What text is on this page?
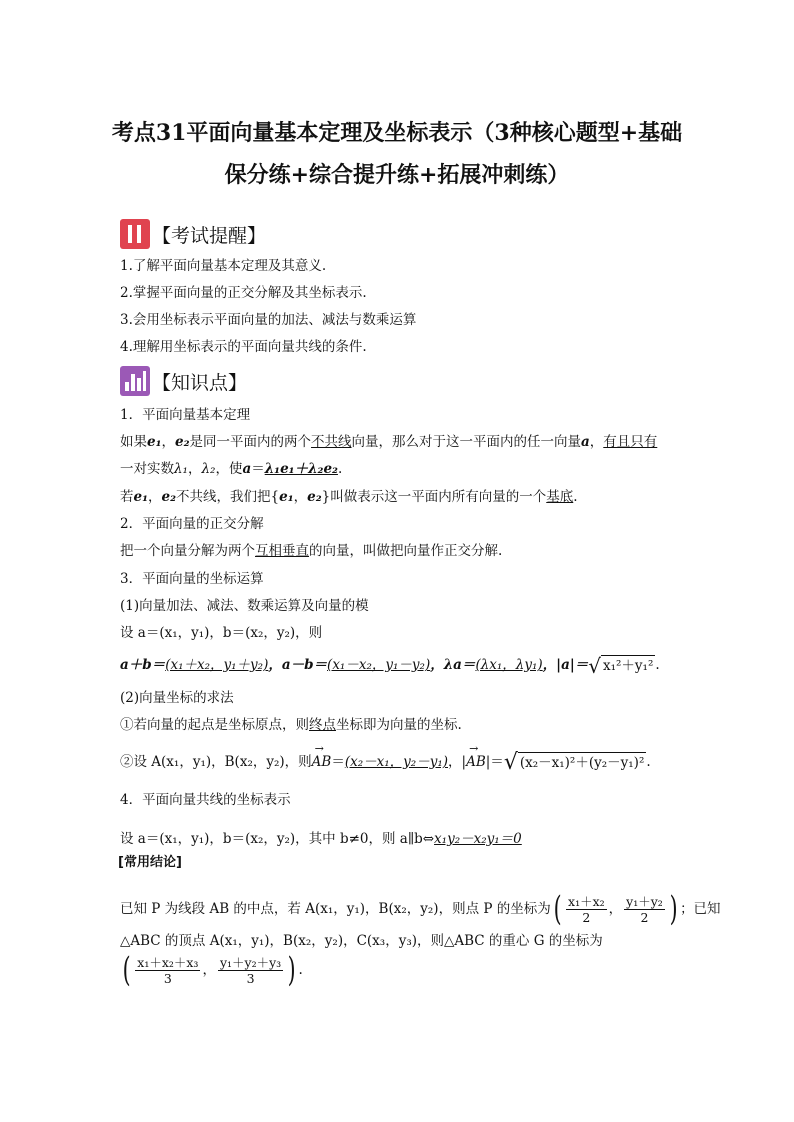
考点31平面向量基本定理及坐标表示（3种核心题型+基础
保分练+综合提升练+拓展冲刺练）
【考试提醒】
1.了解平面向量基本定理及其意义.
2.掌握平面向量的正交分解及其坐标表示.
3.会用坐标表示平面向量的加法、减法与数乘运算
4.理解用坐标表示的平面向量共线的条件.
【知识点】
1．平面向量基本定理
如果e₁，e₂是同一平面内的两个不共线向量，那么对于这一平面内的任一向量a，有且只有
一对实数λ₁，λ₂，使a＝λ₁e₁＋λ₂e₂.
若e₁，e₂不共线，我们把{e₁，e₂}叫做表示这一平面内所有向量的一个基底.
2．平面向量的正交分解
把一个向量分解为两个互相垂直的向量，叫做把向量作正交分解.
3．平面向量的坐标运算
(1)向量加法、减法、数乘运算及向量的模
设 a＝(x₁，y₁)，b＝(x₂，y₂)，则
a＋b＝ (x₁＋x₂，y₁＋y₂) ，a－b＝ (x₁－x₂，y₁－y₂) ，λa＝ (λx₁，λy₁) ，|a|＝ √ x₁²＋y₁² .
(2)向量坐标的求法
①若向量的起点是坐标原点，则终点坐标即为向量的坐标.
②设 A(x₁，y₁)，B(x₂，y₂)，则 → AB ＝ (x₂－x₁，y₂－y₁) ，| → AB |＝ √ (x₂－x₁)²＋(y₂－y₁)² .
4．平面向量共线的坐标表示
设 a＝(x₁，y₁)，b＝(x₂，y₂)，其中 b≠0，则 a∥b⇔x₁y₂－x₂y₁＝0
[常用结论]
已知 P 为线段 AB 的中点，若 A(x₁，y₁)，B(x₂，y₂)，则点 P 的坐标为 ( $\frac{\text{x₁＋x₂}}{2}$ ， $\frac{\text{y₁＋y₂}}{2}$ ) ；已知
△ABC 的顶点 A(x₁，y₁)，B(x₂，y₂)，C(x₃，y₃)，则△ABC 的重心 G 的坐标为
( $\frac{\text{x₁＋x₂＋x₃}}{3}$ ， $\frac{\text{y₁＋y₂＋y₃}}{3}$ ) .
